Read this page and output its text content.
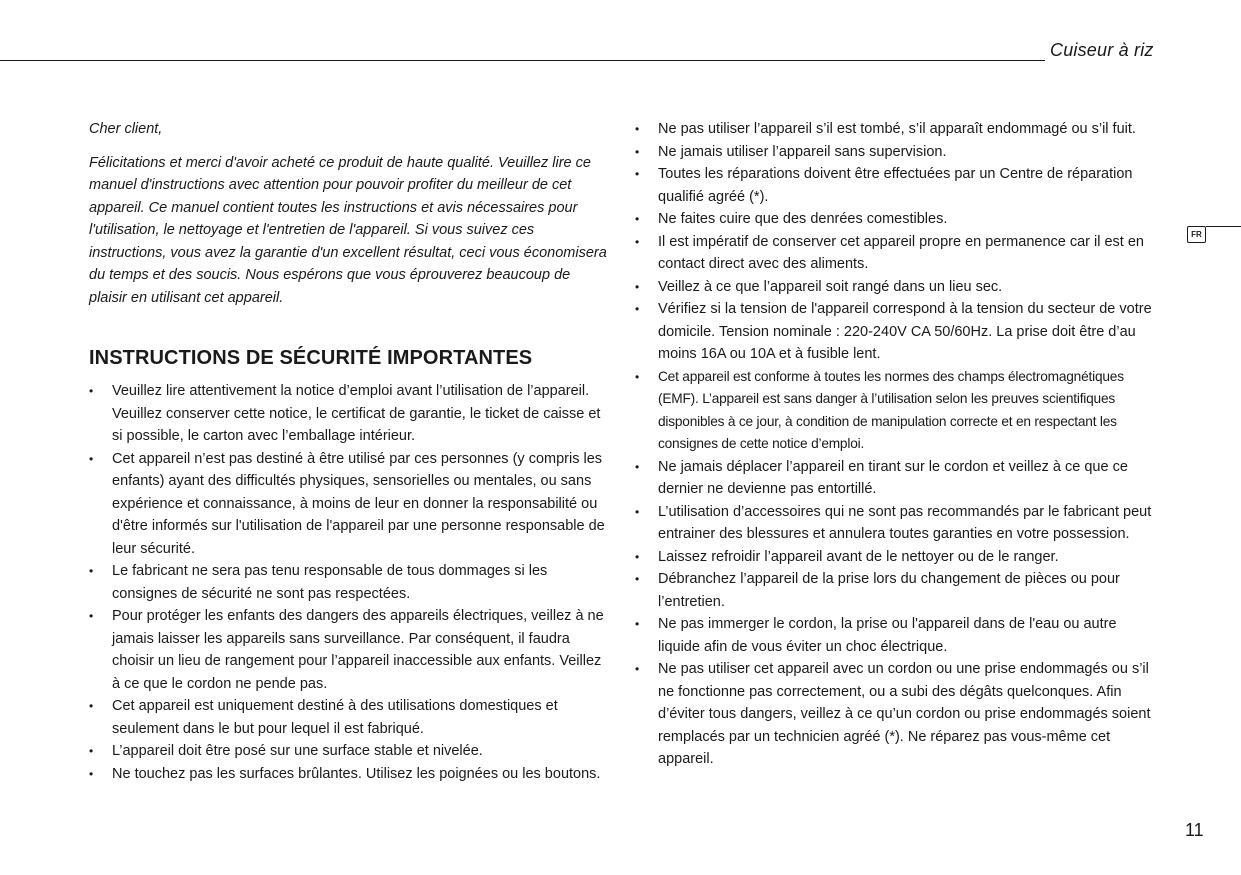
Cuiseur à riz
FR

Cher client,

Félicitations et merci d'avoir acheté ce produit de haute qualité. Veuillez lire ce manuel d'instructions avec attention pour pouvoir profiter du meilleur de cet appareil. Ce manuel contient toutes les instructions et avis nécessaires pour l'utilisation, le nettoyage et l'entretien de l'appareil. Si vous suivez ces instructions, vous avez la garantie d'un excellent résultat, ceci vous économisera du temps et des soucis. Nous espérons que vous éprouverez beaucoup de plaisir en utilisant cet appareil.

INSTRUCTIONS DE SÉCURITÉ IMPORTANTES
• Veuillez lire attentivement la notice d’emploi avant l’utilisation de l’appareil. Veuillez conserver cette notice, le certificat de garantie, le ticket de caisse et si possible, le carton avec l’emballage intérieur.
• Cet appareil n’est pas destiné à être utilisé par ces personnes (y compris les enfants) ayant des difficultés physiques, sensorielles ou mentales, ou sans expérience et connaissance, à moins de leur en donner la responsabilité ou d'être informés sur l'utilisation de l'appareil par une personne responsable de leur sécurité.
• Le fabricant ne sera pas tenu responsable de tous dommages si les consignes de sécurité ne sont pas respectées.
• Pour protéger les enfants des dangers des appareils électriques, veillez à ne jamais laisser les appareils sans surveillance. Par conséquent, il faudra choisir un lieu de rangement pour l’appareil inaccessible aux enfants. Veillez à ce que le cordon ne pende pas.
• Cet appareil est uniquement destiné à des utilisations domestiques et seulement dans le but pour lequel il est fabriqué.
• L’appareil doit être posé sur une surface stable et nivelée.
• Ne touchez pas les surfaces brûlantes. Utilisez les poignées ou les boutons.
• Ne pas utiliser l’appareil s’il est tombé, s’il apparaît endommagé ou s’il fuit.
• Ne jamais utiliser l’appareil sans supervision.
• Toutes les réparations doivent être effectuées par un Centre de réparation qualifié agréé (*).
• Ne faites cuire que des denrées comestibles.
• Il est impératif de conserver cet appareil propre en permanence car il est en contact direct avec des aliments.
• Veillez à ce que l’appareil soit rangé dans un lieu sec.
• Vérifiez si la tension de l'appareil correspond à la tension du secteur de votre domicile. Tension nominale : 220-240V CA 50/60Hz. La prise doit être d’au moins 16A ou 10A et à fusible lent.
• Cet appareil est conforme à toutes les normes des champs électromagnétiques (EMF). L’appareil est sans danger à l’utilisation selon les preuves scientifiques disponibles à ce jour, à condition de manipulation correcte et en respectant les consignes de cette notice d’emploi.
• Ne jamais déplacer l’appareil en tirant sur le cordon et veillez à ce que ce dernier ne devienne pas entortillé.
• L’utilisation d’accessoires qui ne sont pas recommandés par le fabricant peut entrainer des blessures et annulera toutes garanties en votre possession.
• Laissez refroidir l’appareil avant de le nettoyer ou de le ranger.
• Débranchez l’appareil de la prise lors du changement de pièces ou pour l’entretien.
• Ne pas immerger le cordon, la prise ou l'appareil dans de l'eau ou autre liquide afin de vous éviter un choc électrique.
• Ne pas utiliser cet appareil avec un cordon ou une prise endommagés ou s’il ne fonctionne pas correctement, ou a subi des dégâts quelconques. Afin d’éviter tous dangers, veillez à ce qu’un cordon ou prise endommagés soient remplacés par un technicien agréé (*). Ne réparez pas vous-même cet appareil.
11
